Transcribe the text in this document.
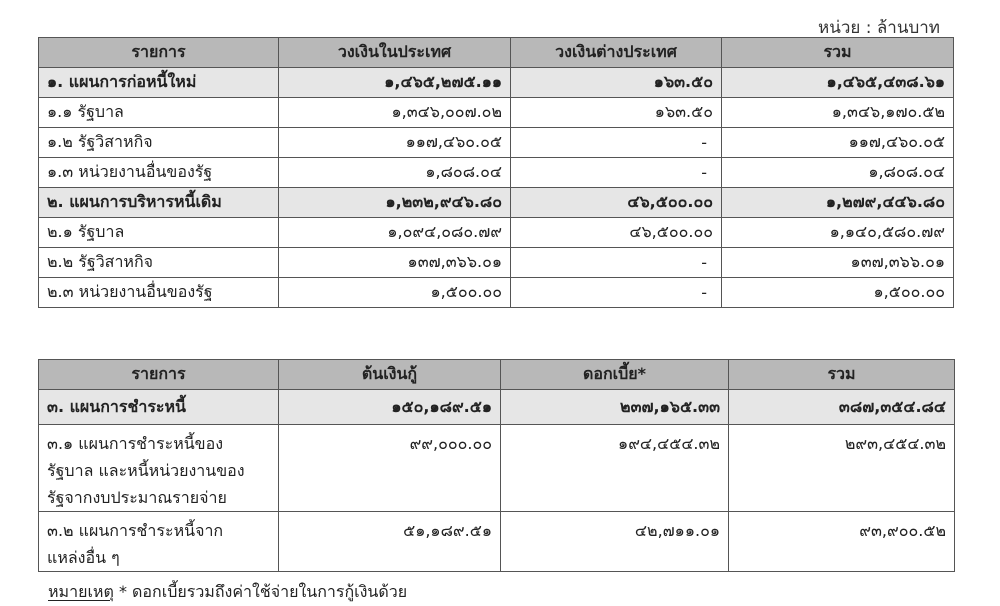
หน่วย : ล้านบาท
รายการ	วงเงินในประเทศ	วงเงินต่างประเทศ	รวม
๑. แผนการก่อหนี้ใหม่	๑,๔๖๕,๒๗๕.๑๑	๑๖๓.๕๐	๑,๔๖๕,๔๓๘.๖๑
๑.๑ รัฐบาล	๑,๓๔๖,๐๐๗.๐๒	๑๖๓.๕๐	๑,๓๔๖,๑๗๐.๕๒
๑.๒ รัฐวิสาหกิจ	๑๑๗,๔๖๐.๐๕	-	๑๑๗,๔๖๐.๐๕
๑.๓ หน่วยงานอื่นของรัฐ	๑,๘๐๘.๐๔	-	๑,๘๐๘.๐๔
๒. แผนการบริหารหนี้เดิม	๑,๒๓๒,๙๔๖.๘๐	๔๖,๕๐๐.๐๐	๑,๒๗๙,๔๔๖.๘๐
๒.๑ รัฐบาล	๑,๐๙๔,๐๘๐.๗๙	๔๖,๕๐๐.๐๐	๑,๑๔๐,๕๘๐.๗๙
๒.๒ รัฐวิสาหกิจ	๑๓๗,๓๖๖.๐๑	-	๑๓๗,๓๖๖.๐๑
๒.๓ หน่วยงานอื่นของรัฐ	๑,๕๐๐.๐๐	-	๑,๕๐๐.๐๐
รายการ	ต้นเงินกู้	ดอกเบี้ย*	รวม

๓. แผนการชำระหนี้	๑๕๐,๑๘๙.๕๑	๒๓๗,๑๖๕.๓๓	๓๘๗,๓๕๔.๘๔

๓.๑ แผนการชำระหนี้ของ
รัฐบาล และหนี้หน่วยงานของ
รัฐจากงบประมาณรายจ่าย	๙๙,๐๐๐.๐๐	๑๙๔,๔๕๔.๓๒	๒๙๓,๔๕๔.๓๒

๓.๒ แผนการชำระหนี้จาก
แหล่งอื่น ๆ	๕๑,๑๘๙.๕๑	๔๒,๗๑๑.๐๑	๙๓,๙๐๐.๕๒
หมายเหตุ * ดอกเบี้ยรวมถึงค่าใช้จ่ายในการกู้เงินด้วย
